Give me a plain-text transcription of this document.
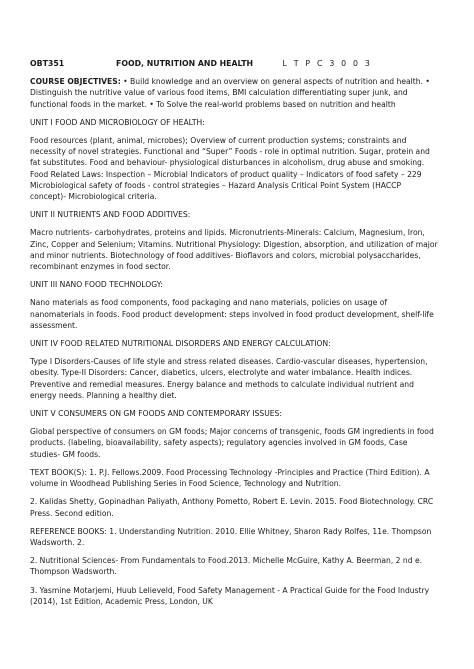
OBT351	FOOD, NUTRITION AND HEALTH	L T P C 3 0 0 3

COURSE OBJECTIVES: • Build knowledge and an overview on general aspects of nutrition and health. • Distinguish the nutritive value of various food items, BMI calculation differentiating super junk, and functional foods in the market. • To Solve the real-world problems based on nutrition and health

UNIT I FOOD AND MICROBIOLOGY OF HEALTH:

Food resources (plant, animal, microbes); Overview of current production systems; constraints and necessity of novel strategies. Functional and “Super” Foods - role in optimal nutrition. Sugar, protein and fat substitutes. Food and behaviour- physiological disturbances in alcoholism, drug abuse and smoking. Food Related Laws: Inspection – Microbial Indicators of product quality – Indicators of food safety – 229 Microbiological safety of foods - control strategies – Hazard Analysis Critical Point System (HACCP concept)- Microbiological criteria.

UNIT II NUTRIENTS AND FOOD ADDITIVES:

Macro nutrients- carbohydrates, proteins and lipids. Micronutrients-Minerals: Calcium, Magnesium, Iron, Zinc, Copper and Selenium; Vitamins. Nutritional Physiology: Digestion, absorption, and utilization of major and minor nutrients. Biotechnology of food additives- Bioflavors and colors, microbial polysaccharides, recombinant enzymes in food sector.

UNIT III NANO FOOD TECHNOLOGY:

Nano materials as food components, food packaging and nano materials, policies on usage of nanomaterials in foods. Food product development: steps involved in food product development, shelf-life assessment.

UNIT IV FOOD RELATED NUTRITIONAL DISORDERS AND ENERGY CALCULATION:

Type I Disorders-Causes of life style and stress related diseases. Cardio-vascular diseases, hypertension, obesity. Type-II Disorders: Cancer, diabetics, ulcers, electrolyte and water imbalance. Health indices. Preventive and remedial measures. Energy balance and methods to calculate individual nutrient and energy needs. Planning a healthy diet.

UNIT V CONSUMERS ON GM FOODS AND CONTEMPORARY ISSUES:

Global perspective of consumers on GM foods; Major concerns of transgenic, foods GM ingredients in food products. (labeling, bioavailability, safety aspects); regulatory agencies involved in GM foods, Case studies- GM foods.

TEXT BOOK(S): 1. P.J. Fellows.2009. Food Processing Technology -Principles and Practice (Third Edition). A volume in Woodhead Publishing Series in Food Science, Technology and Nutrition.

2. Kalidas Shetty, Gopinadhan Paliyath, Anthony Pometto, Robert E. Levin. 2015. Food Biotechnology. CRC Press. Second edition.

REFERENCE BOOKS: 1. Understanding Nutrition. 2010. Ellie Whitney, Sharon Rady Rolfes, 11e. Thompson Wadsworth. 2.

2. Nutritional Sciences- From Fundamentals to Food.2013. Michelle McGuire, Kathy A. Beerman, 2 nd e. Thompson Wadsworth.

3. Yasmine Motarjemi, Huub Lelieveld, Food Safety Management - A Practical Guide for the Food Industry (2014), 1st Edition, Academic Press, London, UK
